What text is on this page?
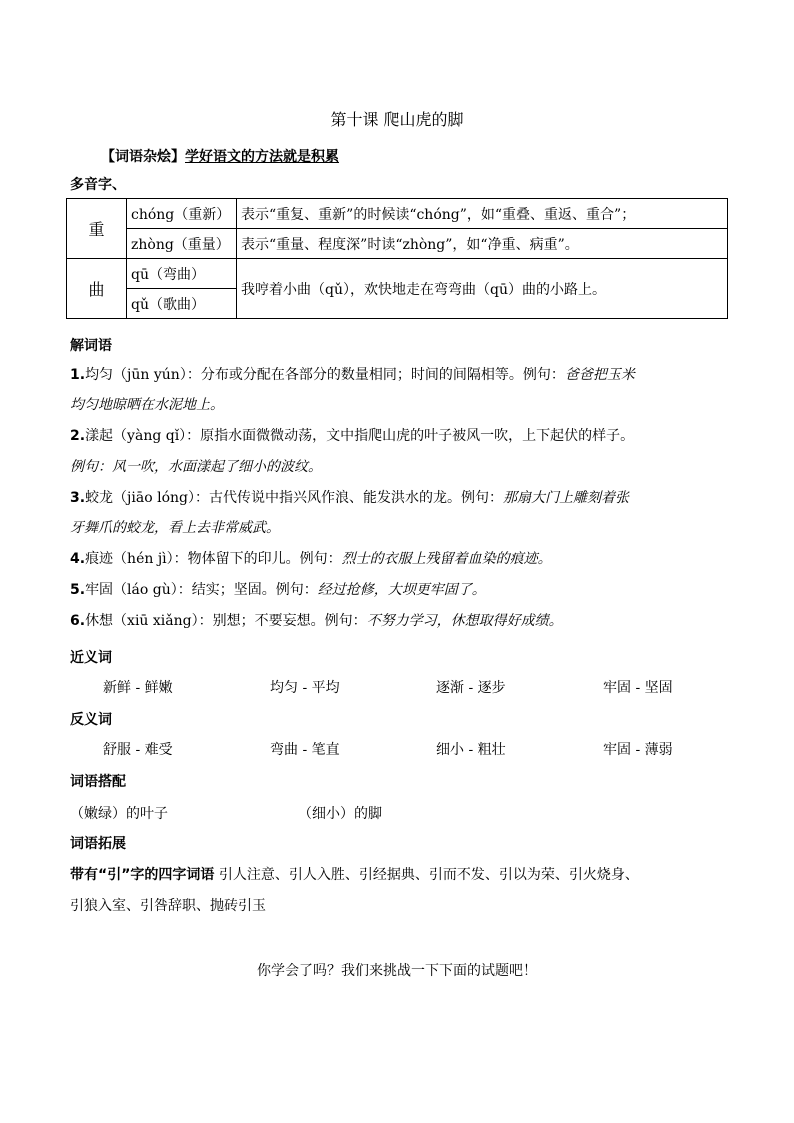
第十课 爬山虎的脚
【词语杂烩】学好语文的方法就是积累
多音字、
重	chóng（重新）	表示“重复、重新”的时候读“chóng”，如“重叠、重返、重合”；
	zhòng（重量）	表示“重量、程度深”时读“zhòng”，如“净重、病重”。
曲	qū（弯曲）	我哼着小曲（qǔ），欢快地走在弯弯曲（qū）曲的小路上。
	qǔ（歌曲）	
解词语
1.均匀（jūn yún）：分布或分配在各部分的数量相同；时间的间隔相等。例句：爸爸把玉米
均匀地晾晒在水泥地上。
2.漾起（yàng qǐ）：原指水面微微动荡，文中指爬山虎的叶子被风一吹，上下起伏的样子。
例句：风一吹，水面漾起了细小的波纹。
3.蛟龙（jiāo lóng）：古代传说中指兴风作浪、能发洪水的龙。例句：那扇大门上雕刻着张
牙舞爪的蛟龙，看上去非常威武。
4.痕迹（hén jì）：物体留下的印儿。例句：烈士的衣服上残留着血染的痕迹。
5.牢固（láo gù）：结实；坚固。例句：经过抢修，大坝更牢固了。
6.休想（xiū xiǎng）：别想；不要妄想。例句：不努力学习，休想取得好成绩。
近义词
新鲜 - 鲜嫩	均匀 - 平均	逐渐 - 逐步	牢固 - 坚固
反义词
舒服 - 难受	弯曲 - 笔直	细小 - 粗壮	牢固 - 薄弱
词语搭配
（嫩绿）的叶子	（细小）的脚
词语拓展
带有“引”字的四字词语 引人注意、引人入胜、引经据典、引而不发、引以为荣、引火烧身、
引狼入室、引咎辞职、抛砖引玉
你学会了吗？我们来挑战一下下面的试题吧！
